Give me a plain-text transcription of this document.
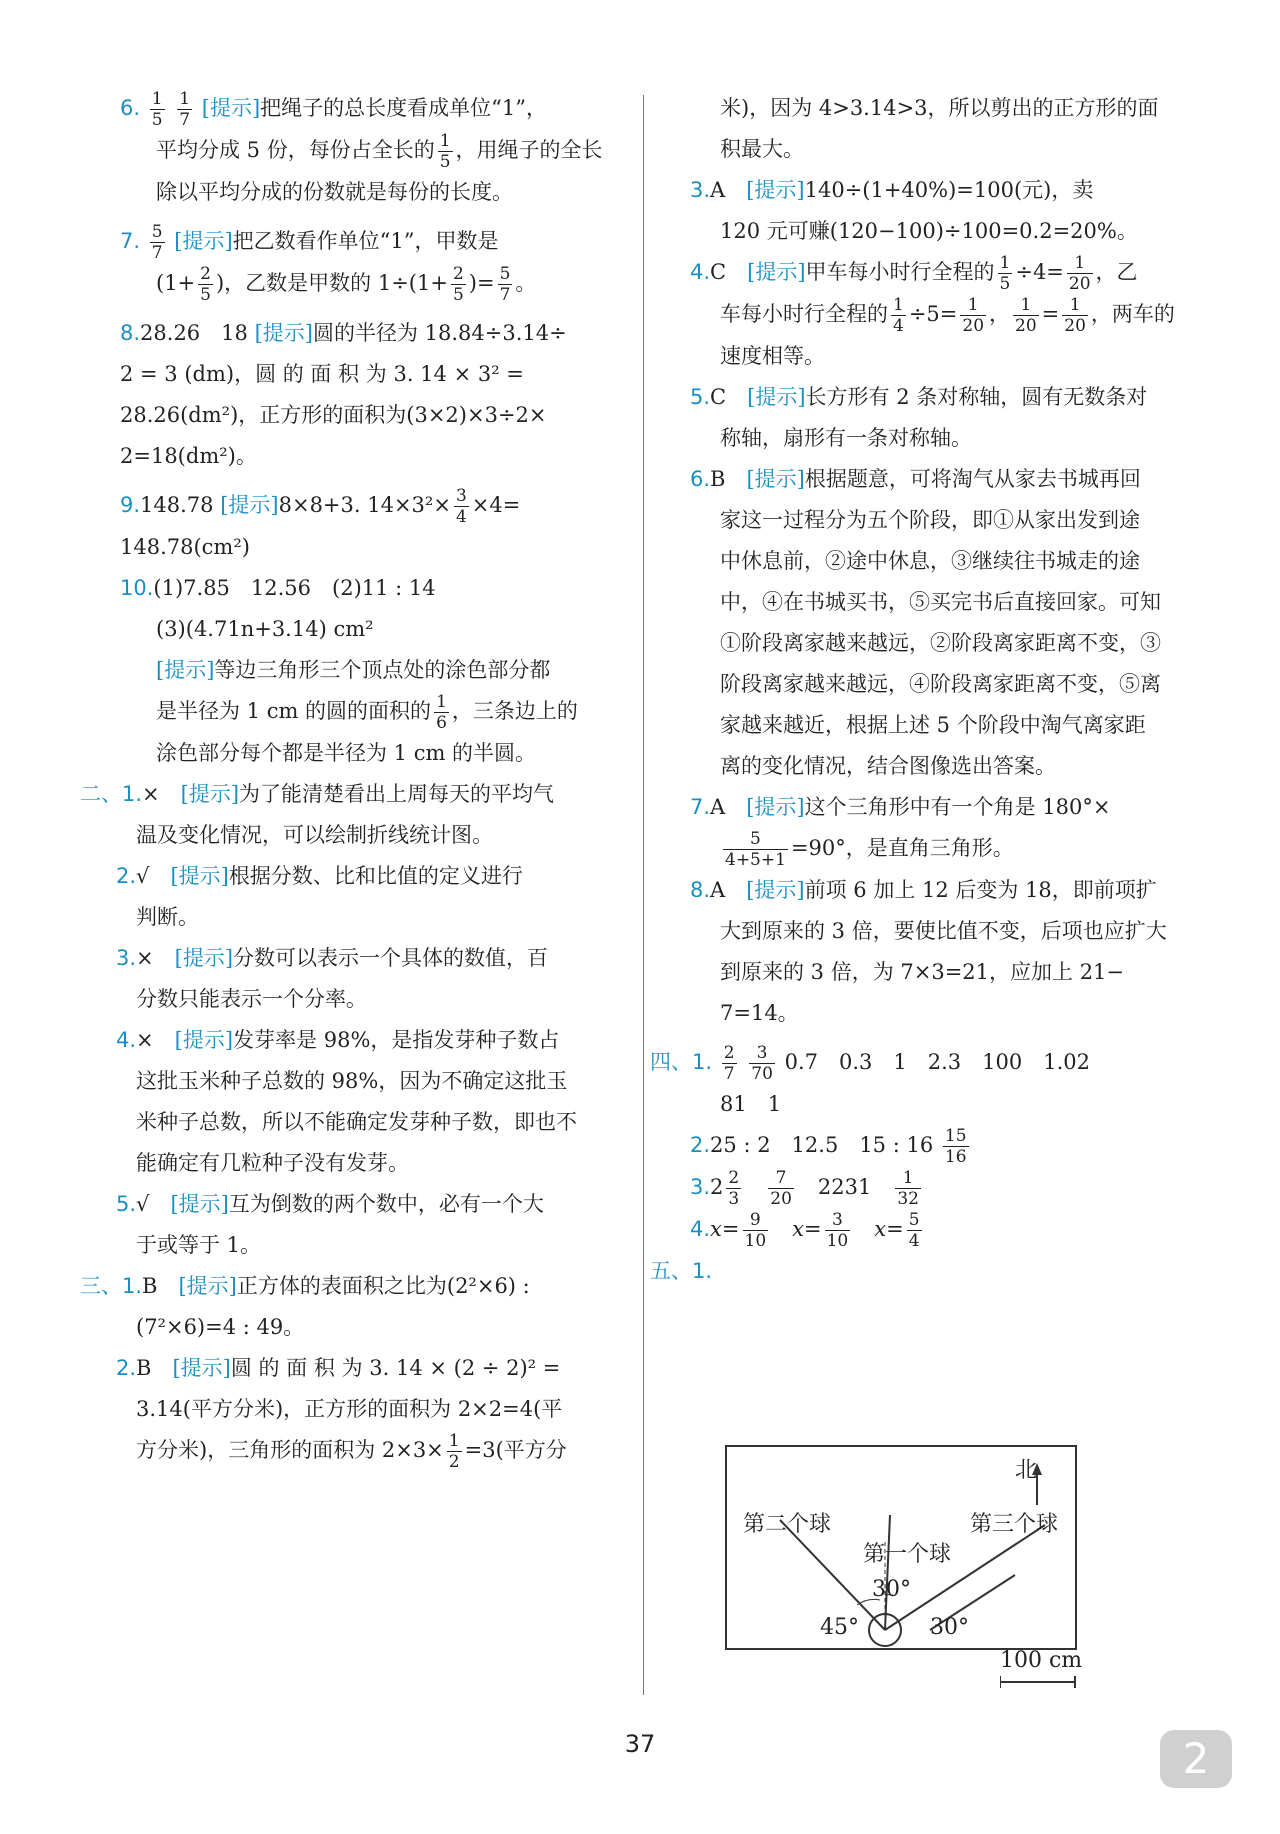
6. $\frac{1}{5}$
$\frac{1}{7}$ [提示]把绳子的总长度看成单位“1”，
平均分成 5 份，每份占全长的 $\frac{1}{5}$ ，用绳子的全长
除以平均分成的份数就是每份的长度。
7. $\frac{5}{7}$ [提示]把乙数看作单位“1”，甲数是
($1+ \frac{2}{5}$ )，乙数是甲数的 $1\div(1+ \frac{2}{5}$ )= $\frac{5}{7}$ 。
8.28.26　18 [提示]圆的半径为 18.84÷3.14÷
2 = 3 (dm)，圆 的 面 积 为 3. 14 × 3² =
28.26(dm²)，正方形的面积为(3×2)×3÷2×
2=18(dm²)。
9.148.78 [提示]8×8+3. $14\times 3^2\times \frac{3}{4} \times 4=$
148.78(cm²)
10.(1)7.85　12.56　(2)11 : 14
(3)(4.71n+3.14) cm²
[提示]等边三角形三个顶点处的涂色部分都
是半径为 1 cm 的圆的面积的 $\frac{1}{6}$ ，三条边上的
涂色部分每个都是半径为 1 cm 的半圆。
二、1.×　 [提示]为了能清楚看出上周每天的平均气
温及变化情况，可以绘制折线统计图。
2.√　 [提示]根据分数、比和比值的定义进行
判断。
3.×　 [提示]分数可以表示一个具体的数值，百
分数只能表示一个分率。
4.×　 [提示]发芽率是 98%，是指发芽种子数占
这批玉米种子总数的 98%，因为不确定这批玉
米种子总数，所以不能确定发芽种子数，即也不
能确定有几粒种子没有发芽。
5.√　 [提示]互为倒数的两个数中，必有一个大
于或等于 1。
三、1.B　 [提示]正方体的表面积之比为(2²×6) :
(7²×6)=4 : 49。
2.B　 [提示]圆 的 面 积 为 3. 14 × (2 ÷ 2)² =
3.14(平方分米)，正方形的面积为 2×2=4(平
方分米)，三角形的面积为 $2\times 3\times \frac{1}{2} =3$(平方分
米)，因为 4>3.14>3，所以剪出的正方形的面
积最大。
3.A　 [提示]140÷(1+40%)=100(元)，卖
120 元可赚(120−100)÷100=0.2=20%。
4.C　 [提示]甲车每小时行全程的 $\frac{1}{5} \div 4= \frac{1}{20}$ ，乙
车每小时行全程的 $\frac{1}{4} \div 5= \frac{1}{20}$ ， $\frac{1}{20} = \frac{1}{20}$ ，两车的
速度相等。
5.C　 [提示]长方形有 2 条对称轴，圆有无数条对
称轴，扇形有一条对称轴。
6.B　 [提示]根据题意，可将淘气从家去书城再回
家这一过程分为五个阶段，即①从家出发到途
中休息前，②途中休息，③继续往书城走的途
中，④在书城买书，⑤买完书后直接回家。可知
①阶段离家越来越远，②阶段离家距离不变，③
阶段离家越来越远，④阶段离家距离不变，⑤离
家越来越近，根据上述 5 个阶段中淘气离家距
离的变化情况，结合图像选出答案。
7.A　 [提示]这个三角形中有一个角是 180°×
$\frac{5}{4+5+1} =90^\circ$，是直角三角形。
8.A　 [提示]前项 6 加上 12 后变为 18，即前项扩
大到原来的 3 倍，要使比值不变，后项也应扩大
到原来的 3 倍，为 7×3=21，应加上 21−
7=14。
四、1. $\frac{2}{7}$
$\frac{3}{70} 0.7$　0.3　1　2.3　100　1.02
81　1
2.25 : 2　12.5　15 : $16 \frac{15}{16}$
$3.2 \frac{2}{3}$
　 $\frac{7}{20}$
　 2231　 $\frac{1}{32}$
$4.x= \frac{9}{10}$
　 $x= \frac{3}{10}$
　 $x= \frac{5}{4}$
五、1.
北
第二个球
第一个球
第三个球
45°
30°
30°
100 cm
37	2
